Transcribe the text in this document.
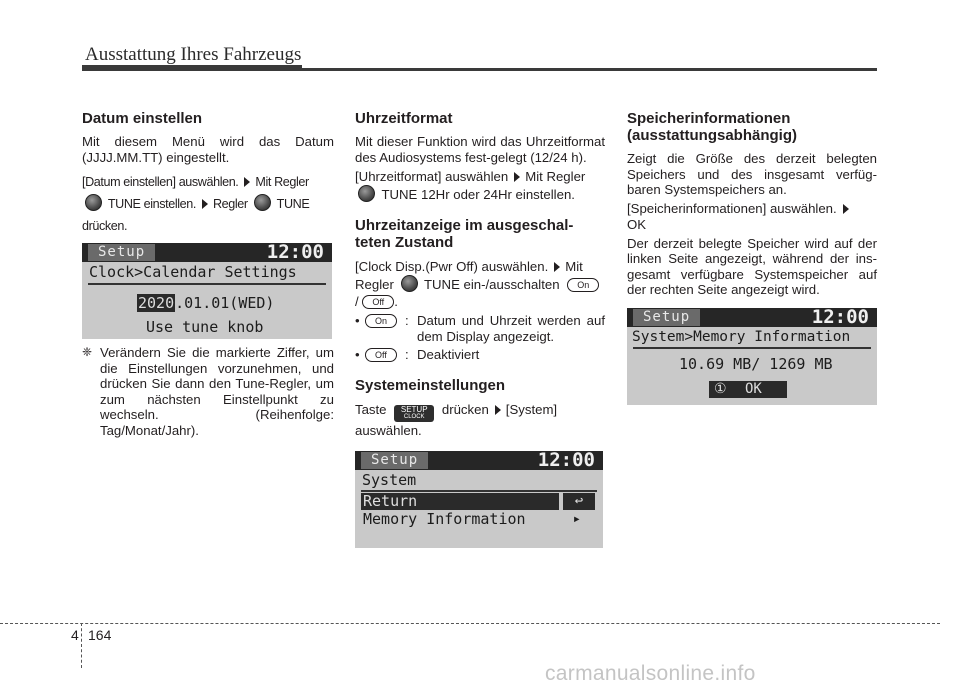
Ausstattung Ihres Fahrzeugs
Datum einstellen

Mit diesem Menü wird das Datum (JJJJ.MM.TT) eingestellt.

[Datum einstellen] auswählen. Mit Regler  TUNE einstellen. Regler TUNE drücken.

Setup	12:00
Clock>Calendar Settings
2020.01.01(WED)
Use tune knob
❈ Verändern Sie die markierte Ziffer, um die Einstellungen vorzunehmen, und drücken Sie dann den Tune-Regler, um zum nächsten Einstellpunkt zu wechseln. (Reihenfolge: Tag/Monat/Jahr).
Uhrzeitformat

Mit dieser Funktion wird das Uhrzeitformat des Audiosystems fest-gelegt (12/24 h).

[Uhrzeitformat] auswählen Mit Regler
TUNE 12Hr oder 24Hr einstellen.

Uhrzeitanzeige im ausgeschal-teten Zustand

[Clock Disp.(Pwr Off) auswählen. Mit Regler TUNE ein-/ausschalten On
/ Off .

•	On	: Datum und Uhrzeit werden auf dem Display angezeigt.
•	Off	: Deaktiviert
Systemeinstellungen

Taste	SETUP
CLOCK	drücken [System] auswählen.

Setup	12:00
System
Return	↩
Memory Information	▸
Speicherinformationen (ausstattungsabhängig)

Zeigt die Größe des derzeit belegten Speichers und des insgesamt verfüg-baren Systemspeichers an.

[Speicherinformationen] auswählen.
OK

Der derzeit belegte Speicher wird auf der linken Seite angezeigt, während der ins-gesamt verfügbare Systemspeicher auf der rechten Seite angezeigt wird.

Setup	12:00
System>Memory Information
10.69 MB/ 1269 MB
① OK
4 164
carmanualsonline.info
